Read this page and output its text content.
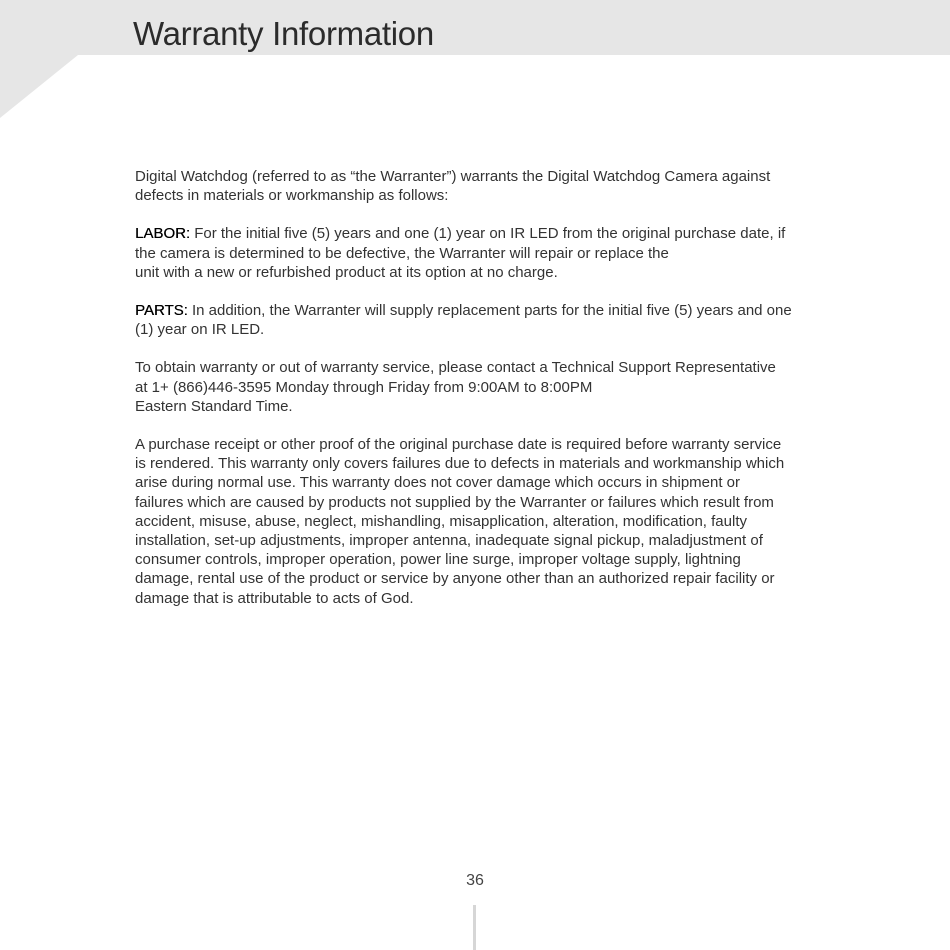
Warranty Information

Digital Watchdog (referred to as “the Warranter”) warrants the Digital Watchdog Camera against
defects in materials or workmanship as follows:

LABOR: For the initial five (5) years and one (1) year on IR LED from the original purchase date, if
the camera is determined to be defective, the Warranter will repair or replace the
unit with a new or refurbished product at its option at no charge.

PARTS: In addition, the Warranter will supply replacement parts for the initial five (5) years and one
(1) year on IR LED.

To obtain warranty or out of warranty service, please contact a Technical Support Representative
at 1+ (866)446-3595 Monday through Friday from 9:00AM to 8:00PM
Eastern Standard Time.

A purchase receipt or other proof of the original purchase date is required before warranty service
is rendered. This warranty only covers failures due to defects in materials and workmanship which
arise during normal use. This warranty does not cover damage which occurs in shipment or
failures which are caused by products not supplied by the Warranter or failures which result from
accident, misuse, abuse, neglect, mishandling, misapplication, alteration, modification, faulty
installation, set-up adjustments, improper antenna, inadequate signal pickup, maladjustment of
consumer controls, improper operation, power line surge, improper voltage supply, lightning
damage, rental use of the product or service by anyone other than an authorized repair facility or
damage that is attributable to acts of God.

36
